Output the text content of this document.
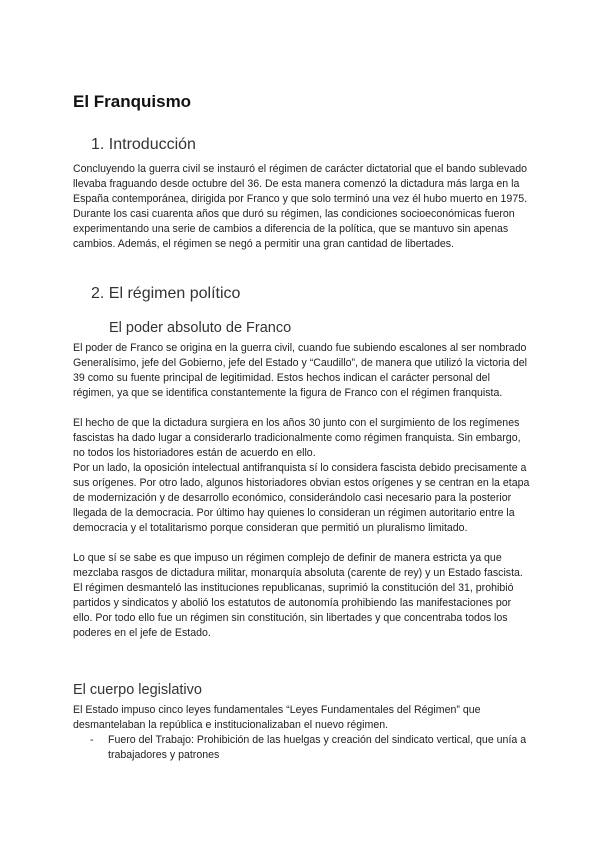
El Franquismo
1. Introducción

Concluyendo la guerra civil se instauró el régimen de carácter dictatorial que el bando sublevado llevaba fraguando desde octubre del 36. De esta manera comenzó la dictadura más larga en la España contemporánea, dirigida por Franco y que solo terminó una vez él hubo muerto en 1975.

Durante los casi cuarenta años que duró su régimen, las condiciones socioeconómicas fueron experimentando una serie de cambios a diferencia de la política, que se mantuvo sin apenas cambios. Además, el régimen se negó a permitir una gran cantidad de libertades.

2. El régimen político
El poder absoluto de Franco

El poder de Franco se origina en la guerra civil, cuando fue subiendo escalones al ser nombrado Generalísimo, jefe del Gobierno, jefe del Estado y “Caudillo”, de manera que utilizó la victoria del 39 como su fuente principal de legitimidad. Estos hechos indican el carácter personal del régimen, ya que se identifica constantemente la figura de Franco con el régimen franquista.

El hecho de que la dictadura surgiera en los años 30 junto con el surgimiento de los regímenes fascistas ha dado lugar a considerarlo tradicionalmente como régimen franquista. Sin embargo, no todos los historiadores están de acuerdo en ello.

Por un lado, la oposición intelectual antifranquista sí lo considera fascista debido precisamente a sus orígenes. Por otro lado, algunos historiadores obvian estos orígenes y se centran en la etapa de modernización y de desarrollo económico, considerándolo casi necesario para la posterior llegada de la democracia. Por último hay quienes lo consideran un régimen autoritario entre la democracia y el totalitarismo porque consideran que permitió un pluralismo limitado.

Lo que sí se sabe es que impuso un régimen complejo de definir de manera estricta ya que mezclaba rasgos de dictadura militar, monarquía absoluta (carente de rey) y un Estado fascista. El régimen desmanteló las instituciones republicanas, suprimió la constitución del 31, prohibió partidos y sindicatos y abolió los estatutos de autonomía prohibiendo las manifestaciones por ello. Por todo ello fue un régimen sin constitución, sin libertades y que concentraba todos los poderes en el jefe de Estado.

El cuerpo legislativo

El Estado impuso cinco leyes fundamentales “Leyes Fundamentales del Régimen” que desmantelaban la república e institucionalizaban el nuevo régimen.

- Fuero del Trabajo: Prohibición de las huelgas y creación del sindicato vertical, que unía a trabajadores y patrones
